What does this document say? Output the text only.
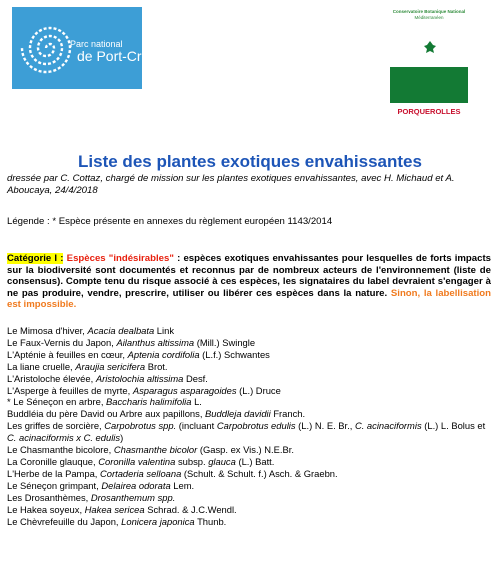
Parc national
de Port-Cros
Conservatoire Botanique National
Méditerranéen
PORQUEROLLES
Liste des plantes exotiques envahissantes
dressée par C. Cottaz, chargé de mission sur les plantes exotiques envahissantes, avec H. Michaud et A. Aboucaya, 24/4/2018
Légende : * Espèce présente en annexes du règlement européen 1143/2014
Catégorie I : Espèces "indésirables" : espèces exotiques envahissantes pour lesquelles de forts impacts sur la biodiversité sont documentés et reconnus par de nombreux acteurs de l'environnement (liste de consensus). Compte tenu du risque associé à ces espèces, les signataires du label devraient s'engager à ne pas produire, vendre, prescrire, utiliser ou libérer ces espèces dans la nature. Sinon, la labellisation est impossible.
Le Mimosa d'hiver, Acacia dealbata Link
Le Faux-Vernis du Japon, Ailanthus altissima (Mill.) Swingle
L'Apténie à feuilles en cœur, Aptenia cordifolia (L.f.) Schwantes
La liane cruelle, Araujia sericifera Brot.
L'Aristoloche élevée, Aristolochia altissima Desf.
L'Asperge à feuilles de myrte, Asparagus asparagoides (L.) Druce
* Le Séneçon en arbre, Baccharis halimifolia L.
Buddléia du père David ou Arbre aux papillons, Buddleja davidii Franch.
Les griffes de sorcière, Carpobrotus spp. (incluant Carpobrotus edulis (L.) N. E. Br., C. acinaciformis (L.) L. Bolus et C. acinaciformis x C. edulis)
Le Chasmanthe bicolore, Chasmanthe bicolor (Gasp. ex Vis.) N.E.Br.
La Coronille glauque, Coronilla valentina subsp. glauca (L.) Batt.
L'Herbe de la Pampa, Cortaderia selloana (Schult. & Schult. f.) Asch. & Graebn.
Le Séneçon grimpant, Delairea odorata Lem.
Les Drosanthèmes, Drosanthemum spp.
Le Hakea soyeux, Hakea sericea Schrad. & J.C.Wendl.
Le Chèvrefeuille du Japon, Lonicera japonica Thunb.
